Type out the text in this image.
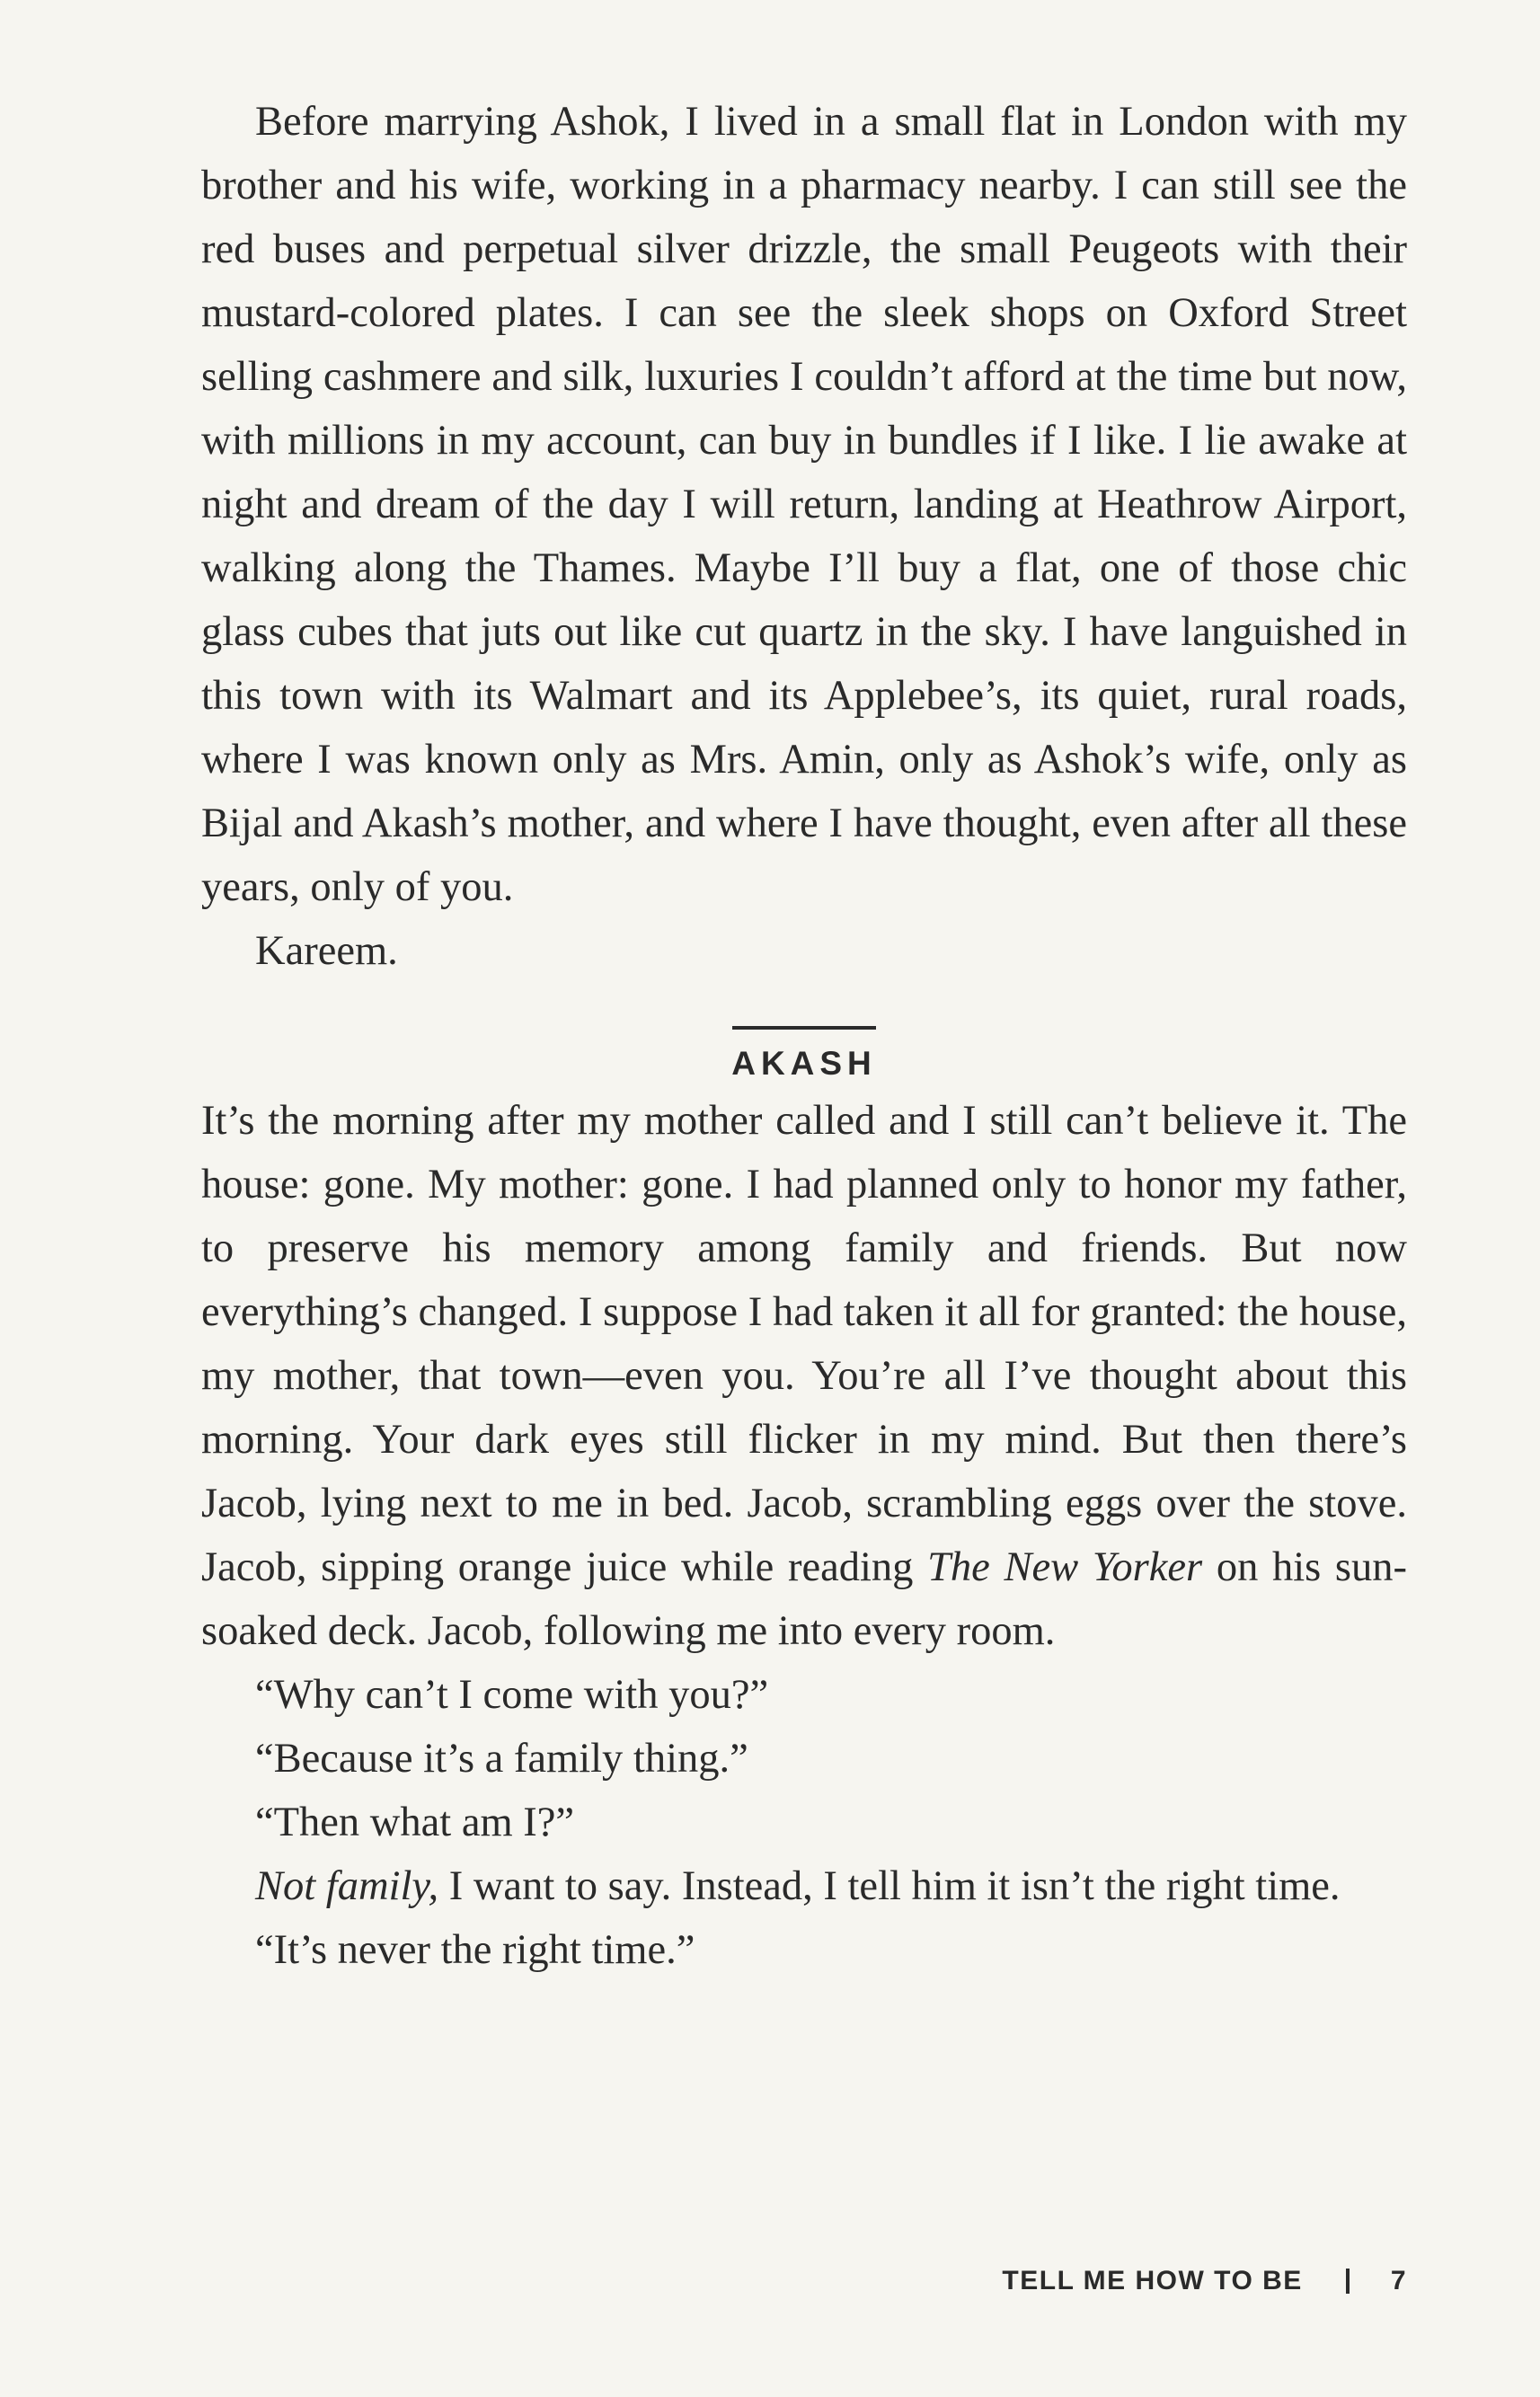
Before marrying Ashok, I lived in a small flat in London with my brother and his wife, working in a pharmacy nearby. I can still see the red buses and perpetual silver drizzle, the small Peugeots with their mustard-colored plates. I can see the sleek shops on Oxford Street selling cashmere and silk, luxuries I couldn’t afford at the time but now, with millions in my account, can buy in bundles if I like. I lie awake at night and dream of the day I will return, landing at Heathrow Airport, walking along the Thames. Maybe I’ll buy a flat, one of those chic glass cubes that juts out like cut quartz in the sky. I have languished in this town with its Walmart and its Applebee’s, its quiet, rural roads, where I was known only as Mrs. Amin, only as Ashok’s wife, only as Bijal and Akash’s mother, and where I have thought, even after all these years, only of you.

Kareem.

AKASH

It’s the morning after my mother called and I still can’t believe it. The house: gone. My mother: gone. I had planned only to honor my father, to preserve his memory among family and friends. But now everything’s changed. I suppose I had taken it all for granted: the house, my mother, that town—even you. You’re all I’ve thought about this morning. Your dark eyes still flicker in my mind. But then there’s Jacob, lying next to me in bed. Jacob, scrambling eggs over the stove. Jacob, sipping orange juice while reading The New Yorker on his sun-soaked deck. Jacob, following me into every room.

“Why can’t I come with you?”

“Because it’s a family thing.”

“Then what am I?”

Not family, I want to say. Instead, I tell him it isn’t the right time.

“It’s never the right time.”

TELL ME HOW TO BE	7
